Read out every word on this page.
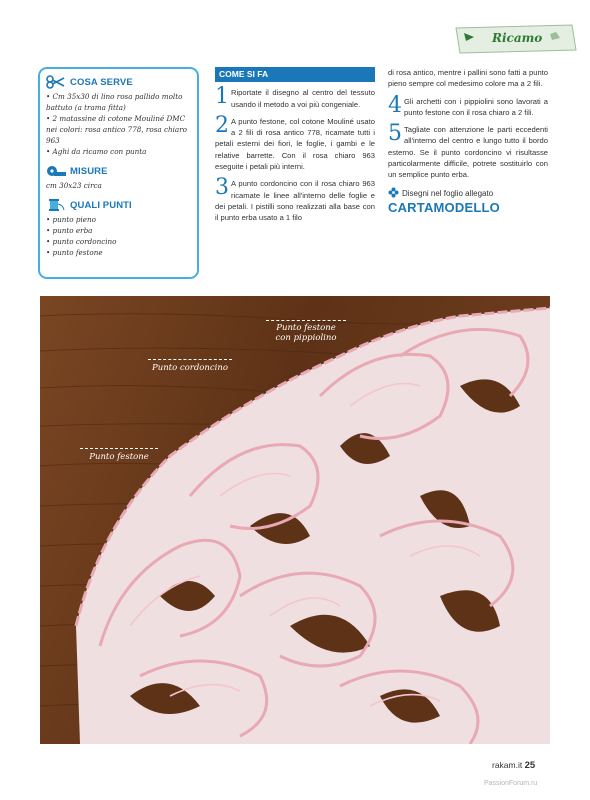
Ricamo
COSA SERVE
• Cm 35x30 di lino rosa pallido molto battuto (a trama fitta)
• 2 matassine di cotone Mouliné DMC nei colori: rosa antico 778, rosa chiaro 963
• Aghi da ricamo con punta
MISURE
cm 30x23 circa
QUALI PUNTI
• punto pieno
• punto erba
• punto cordoncino
• punto festone
COME SI FA
1 Riportate il disegno al centro del tessuto usando il metodo a voi più congeniale.
2 A punto festone, col cotone Mouliné usato a 2 fili di rosa antico 778, ricamate tutti i petali esterni dei fiori, le foglie, i gambi e le relative barrette. Con il rosa chiaro 963 eseguite i petali più interni.
3 A punto cordoncino con il rosa chiaro 963 ricamate le linee all'interno delle foglie e dei petali. I pistilli sono realizzati alla base con il punto erba usato a 1 filo
di rosa antico, mentre i pallini sono fatti a punto pieno sempre col medesimo colore ma a 2 fili.
4 Gli archetti con i pippiolini sono lavorati a punto festone con il rosa chiaro a 2 fili.
5 Tagliate con attenzione le parti eccedenti all'interno del centro e lungo tutto il bordo esterno. Se il punto cordoncino vi risultasse particolarmente difficile, potrete sostituirlo con un semplice punto erba.
Disegni nel foglio allegato
CARTAMODELLO
Punto festone
con pippiolino
Punto cordoncino
Punto festone
rakam.it 25
PassionForum.ru
